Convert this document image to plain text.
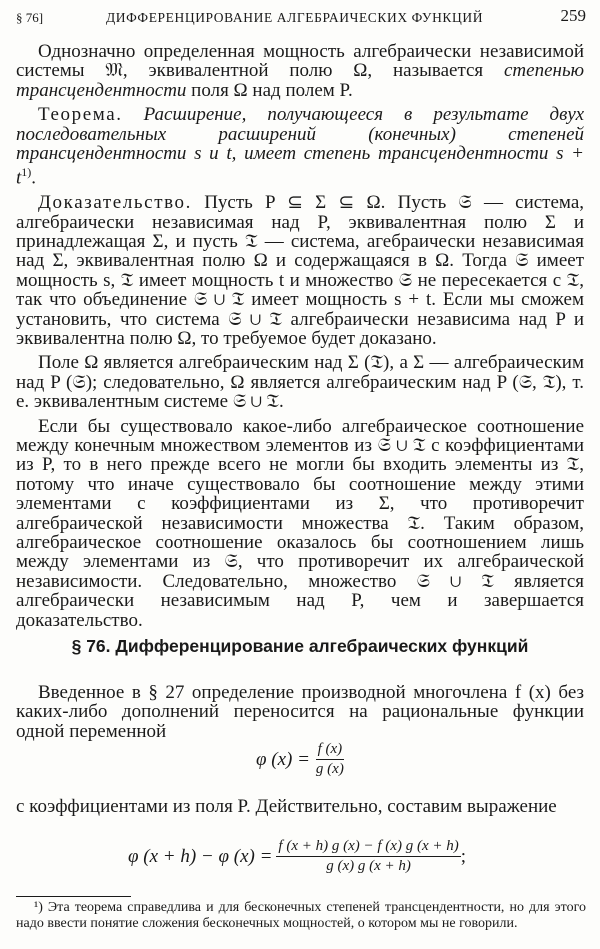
§ 76]	ДИФФЕРЕНЦИРОВАНИЕ АЛГЕБРАИЧЕСКИХ ФУНКЦИЙ	259

Однозначно определенная мощность алгебраически независимой системы 𝔐, эквивалентной полю Ω, называется степенью трансцендентности поля Ω над полем P.

Теорема. Расширение, получающееся в результате двух последовательных расширений (конечных) степеней трансцендентности s и t, имеет степень трансцендентности $s + t^{1)}$.

Доказательство. Пусть P ⊆ Σ ⊆ Ω. Пусть 𝔖 — система, алгебраически независимая над P, эквивалентная полю Σ и принадлежащая Σ, и пусть 𝔗 — система, агебраически независимая над Σ, эквивалентная полю Ω и содержащаяся в Ω. Тогда 𝔖 имеет мощность s, 𝔗 имеет мощность t и множество 𝔖 не пересекается с 𝔗, так что объединение 𝔖 ∪ 𝔗 имеет мощность s + t. Если мы сможем установить, что система 𝔖 ∪ 𝔗 алгебраически независима над P и эквивалентна полю Ω, то требуемое будет доказано.

Поле Ω является алгебраическим над Σ (𝔗), а Σ — алгебраическим над P (𝔖); следовательно, Ω является алгебраическим над P (𝔖, 𝔗), т. е. эквивалентным системе 𝔖 ∪ 𝔗.

Если бы существовало какое-либо алгебраическое соотношение между конечным множеством элементов из 𝔖 ∪ 𝔗 с коэффициентами из P, то в него прежде всего не могли бы входить элементы из 𝔗, потому что иначе существовало бы соотношение между этими элементами с коэффициентами из Σ, что противоречит алгебраической независимости множества 𝔗. Таким образом, алгебраическое соотношение оказалось бы соотношением лишь между элементами из 𝔖, что противоречит их алгебраической независимости. Следовательно, множество 𝔖 ∪ 𝔗 является алгебраически независимым над P, чем и завершается доказательство.

§ 76. Дифференцирование алгебраических функций

Введенное в § 27 определение производной многочлена f (x) без каких-либо дополнений переносится на рациональные функции одной переменной

φ $(x) = \frac{f (x)}{g (x)}$

с коэффициентами из поля P. Действительно, составим выражение

φ (x + h) − φ $(x) = \frac{f (x + h) g (x) - f (x) g (x + h)}{g (x) g (x + h)}$ ;

¹) Эта теорема справедлива и для бесконечных степеней трансцендентности, но для этого надо ввести понятие сложения бесконечных мощностей, о котором мы не говорили.
